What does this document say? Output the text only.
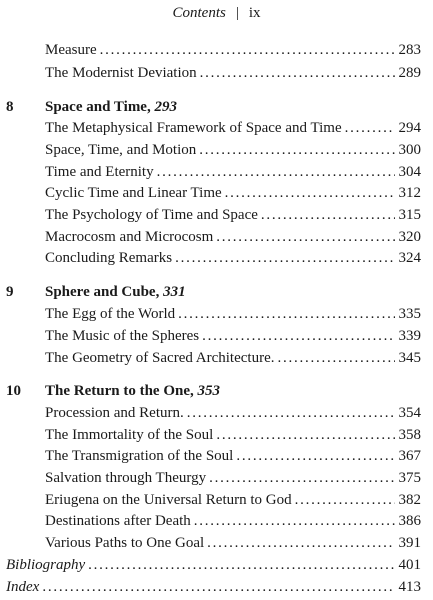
Contents | ix
Measure . . .	283
The Modernist Deviation . . .	289
8 Space and Time, 293
The Metaphysical Framework of Space and Time . . .	294
Space, Time, and Motion . . .	300
Time and Eternity . . .	304
Cyclic Time and Linear Time . . .	312
The Psychology of Time and Space . . .	315
Macrocosm and Microcosm . . .	320
Concluding Remarks . . .	324
9 Sphere and Cube, 331
The Egg of the World . . .	335
The Music of the Spheres . . .	339
The Geometry of Sacred Architecture. . . .	345
10 The Return to the One, 353
Procession and Return. . . .	354
The Immortality of the Soul . . .	358
The Transmigration of the Soul . . .	367
Salvation through Theurgy . . .	375
Eriugena on the Universal Return to God . . .	382
Destinations after Death . . .	386
Various Paths to One Goal . . .	391
Bibliography . . .	401
Index . . .	413
